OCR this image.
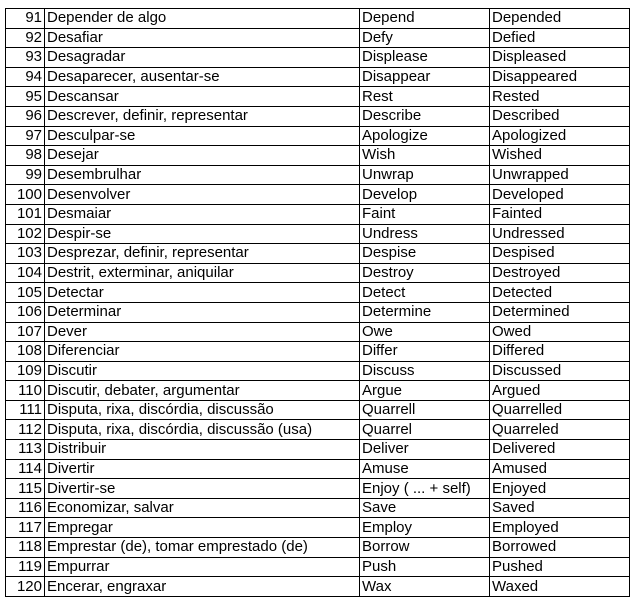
91	Depender de algo	Depend	Depended
92	Desafiar	Defy	Defied
93	Desagradar	Displease	Displeased
94	Desaparecer, ausentar-se	Disappear	Disappeared
95	Descansar	Rest	Rested
96	Descrever, definir, representar	Describe	Described
97	Desculpar-se	Apologize	Apologized
98	Desejar	Wish	Wished
99	Desembrulhar	Unwrap	Unwrapped
100	Desenvolver	Develop	Developed
101	Desmaiar	Faint	Fainted
102	Despir-se	Undress	Undressed
103	Desprezar, definir, representar	Despise	Despised
104	Destrit, exterminar, aniquilar	Destroy	Destroyed
105	Detectar	Detect	Detected
106	Determinar	Determine	Determined
107	Dever	Owe	Owed
108	Diferenciar	Differ	Differed
109	Discutir	Discuss	Discussed
110	Discutir, debater, argumentar	Argue	Argued
111	Disputa, rixa, discórdia, discussão	Quarrell	Quarrelled
112	Disputa, rixa, discórdia, discussão (usa)	Quarrel	Quarreled
113	Distribuir	Deliver	Delivered
114	Divertir	Amuse	Amused
115	Divertir-se	Enjoy ( ... + self)	Enjoyed
116	Economizar, salvar	Save	Saved
117	Empregar	Employ	Employed
118	Emprestar (de), tomar emprestado (de)	Borrow	Borrowed
119	Empurrar	Push	Pushed
120	Encerar, engraxar	Wax	Waxed
